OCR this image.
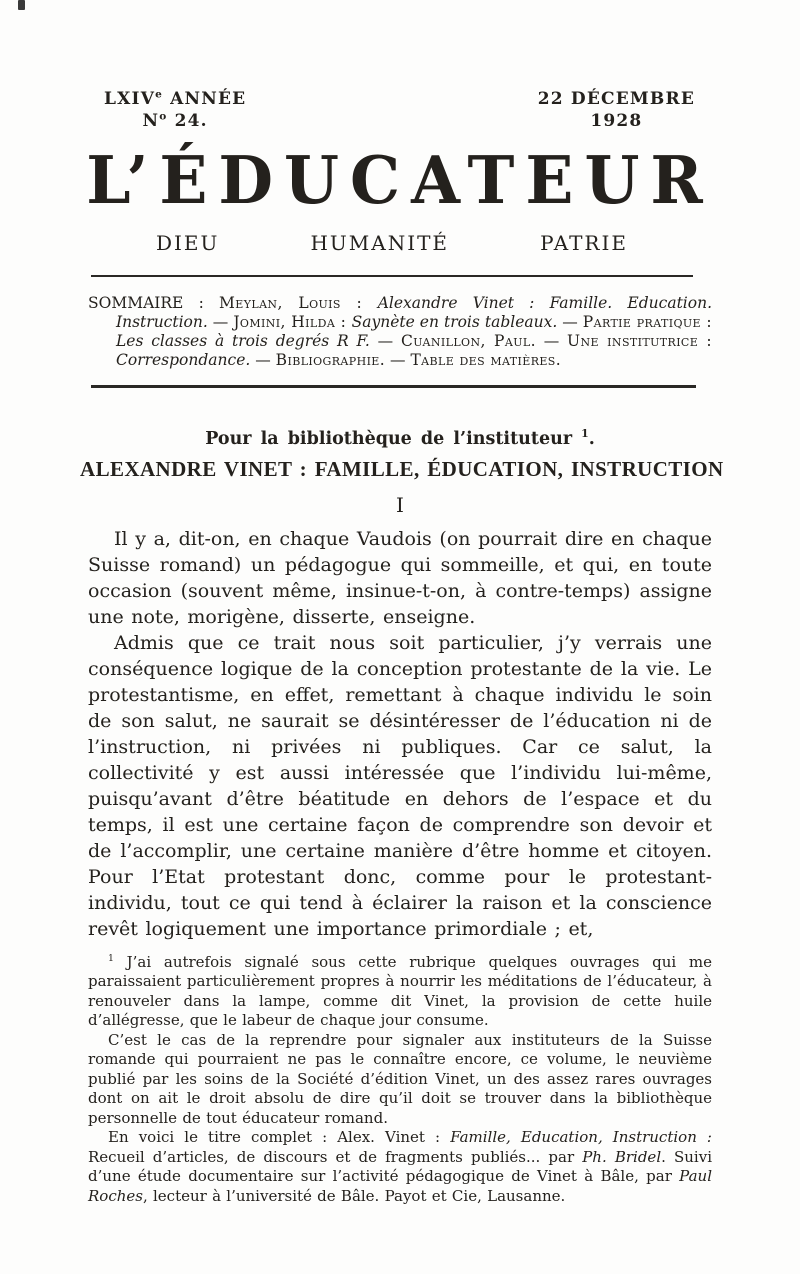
LXIVe ANNÉE
$N^o$ 24.
22 DÉCEMBRE
1928
L’ÉDUCATEUR
DIEU	HUMANITÉ	PATRIE

SOMMAIRE : Meylan, Louis : Alexandre Vinet : Famille. Education. Instruction. — Jomini, Hilda : Saynète en trois tableaux. — Partie pratique : Les classes à trois degrés R F. — Cuanillon, Paul. — Une institutrice : Correspondance. — Bibliographie. — Table des matières.

Pour la bibliothèque de l’instituteur $^1$.

ALEXANDRE VINET : FAMILLE, ÉDUCATION, INSTRUCTION
I

Il y a, dit-on, en chaque Vaudois (on pourrait dire en chaque Suisse romand) un pédagogue qui sommeille, et qui, en toute occasion (souvent même, insinue-t-on, à contre-temps) assigne une note, morigène, disserte, enseigne.

Admis que ce trait nous soit particulier, j’y verrais une conséquence logique de la conception protestante de la vie. Le protestantisme, en effet, remettant à chaque individu le soin de son salut, ne saurait se désintéresser de l’éducation ni de l’instruction, ni privées ni publiques. Car ce salut, la collectivité y est aussi intéressée que l’individu lui-même, puisqu’avant d’être béatitude en dehors de l’espace et du temps, il est une certaine façon de comprendre son devoir et de l’accomplir, une certaine manière d’être homme et citoyen. Pour l’Etat protestant donc, comme pour le protestant-individu, tout ce qui tend à éclairer la raison et la conscience revêt logiquement une importance primordiale ; et,

$^1$ J’ai autrefois signalé sous cette rubrique quelques ouvrages qui me paraissaient particulièrement propres à nourrir les méditations de l’éducateur, à renouveler dans la lampe, comme dit Vinet, la provision de cette huile d’allégresse, que le labeur de chaque jour consume.

C’est le cas de la reprendre pour signaler aux instituteurs de la Suisse romande qui pourraient ne pas le connaître encore, ce volume, le neuvième publié par les soins de la Société d’édition Vinet, un des assez rares ouvrages dont on ait le droit absolu de dire qu’il doit se trouver dans la bibliothèque personnelle de tout éducateur romand.

En voici le titre complet : Alex. Vinet : Famille, Education, Instruction : Recueil d’articles, de discours et de fragments publiés... par Ph. Bridel. Suivi d’une étude documentaire sur l’activité pédagogique de Vinet à Bâle, par Paul Roches, lecteur à l’université de Bâle. Payot et Cie, Lausanne.
